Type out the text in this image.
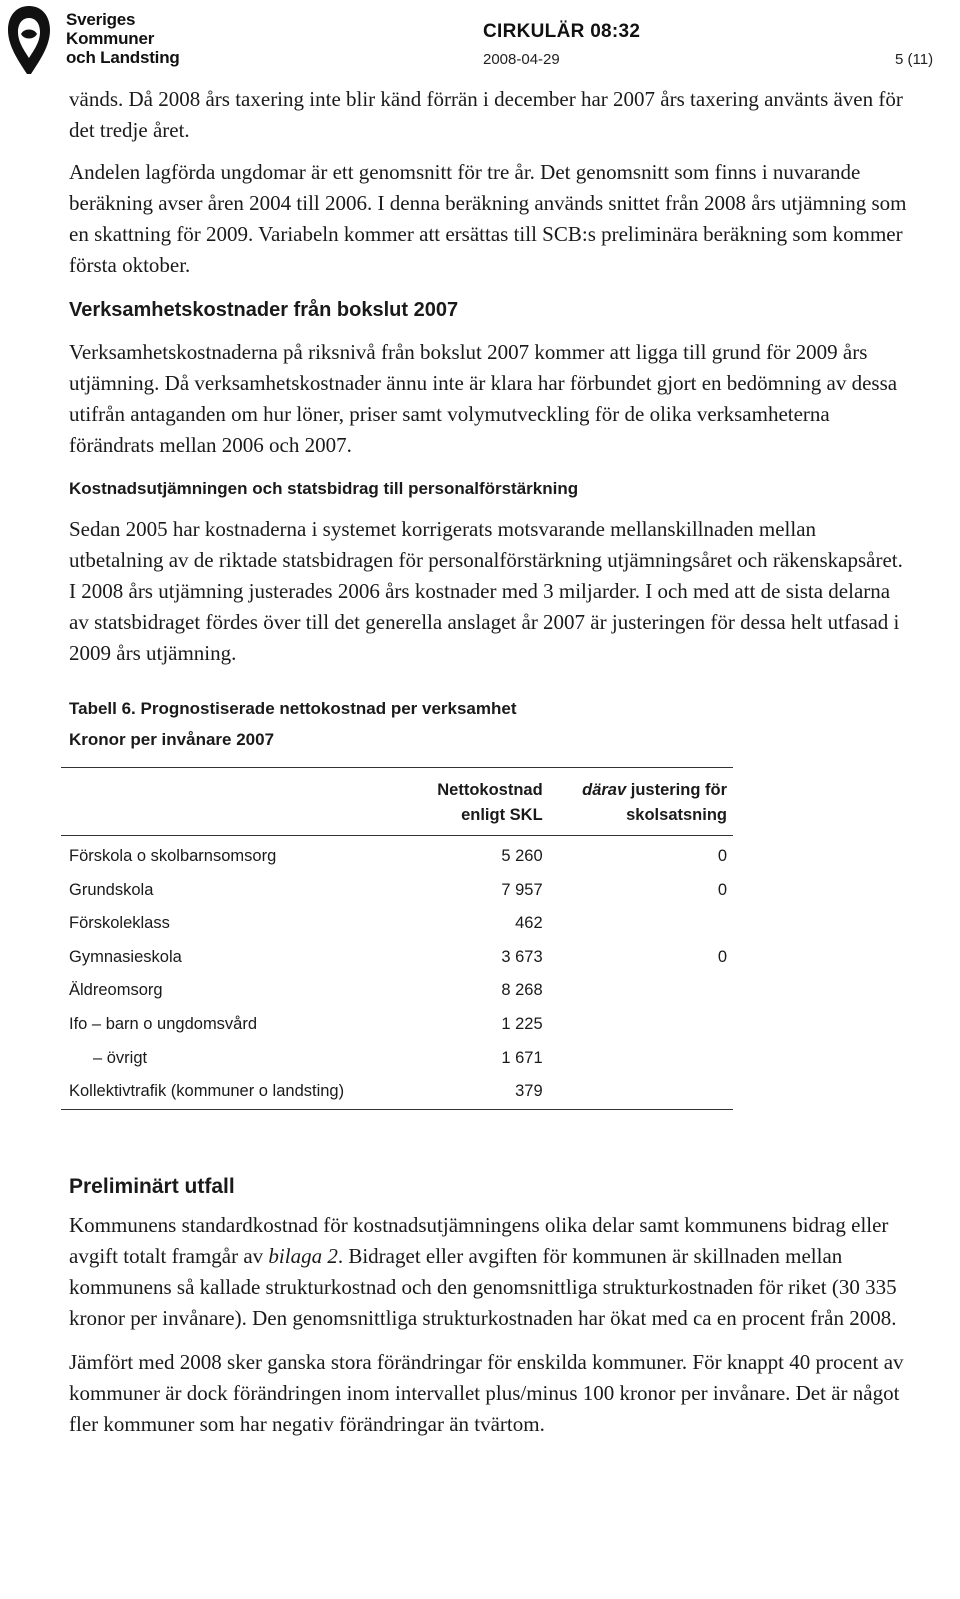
Sveriges
Kommuner
och Landsting
CIRKULÄR 08:32
2008-04-29	5 (11)

vänds. Då 2008 års taxering inte blir känd förrän i december har 2007 års taxering använts även för det tredje året.

Andelen lagförda ungdomar är ett genomsnitt för tre år. Det genomsnitt som finns i nuvarande beräkning avser åren 2004 till 2006. I denna beräkning används snittet från 2008 års utjämning som en skattning för 2009. Variabeln kommer att ersättas till SCB:s preliminära beräkning som kommer första oktober.

Verksamhetskostnader från bokslut 2007

Verksamhetskostnaderna på riksnivå från bokslut 2007 kommer att ligga till grund för 2009 års utjämning. Då verksamhetskostnader ännu inte är klara har förbundet gjort en bedömning av dessa utifrån antaganden om hur löner, priser samt volymutveckling för de olika verksamheterna förändrats mellan 2006 och 2007.

Kostnadsutjämningen och statsbidrag till personalförstärkning

Sedan 2005 har kostnaderna i systemet korrigerats motsvarande mellanskillnaden mellan utbetalning av de riktade statsbidragen för personalförstärkning utjämningsåret och räkenskapsåret. I 2008 års utjämning justerades 2006 års kostnader med 3 miljarder. I och med att de sista delarna av statsbidraget fördes över till det generella anslaget år 2007 är justeringen för dessa helt utfasad i 2009 års utjämning.

Tabell 6. Prognostiserade nettokostnad per verksamhet
Kronor per invånare 2007
	Nettokostnad
enligt SKL	därav justering för
skolsatsning
Förskola o skolbarnsomsorg	5 260	0
Grundskola	7 957	0
Förskoleklass	462	
Gymnasieskola	3 673	0
Äldreomsorg	8 268	
Ifo – barn o ungdomsvård	1 225	
– övrigt	1 671	
Kollektivtrafik (kommuner o landsting)	379	
Preliminärt utfall

Kommunens standardkostnad för kostnadsutjämningens olika delar samt kommunens bidrag eller avgift totalt framgår av bilaga 2. Bidraget eller avgiften för kommunen är skillnaden mellan kommunens så kallade strukturkostnad och den genomsnittliga strukturkostnaden för riket (30 335 kronor per invånare). Den genomsnittliga strukturkostnaden har ökat med ca en procent från 2008.

Jämfört med 2008 sker ganska stora förändringar för enskilda kommuner. För knappt 40 procent av kommuner är dock förändringen inom intervallet plus/minus 100 kronor per invånare. Det är något fler kommuner som har negativ förändringar än tvärtom.
